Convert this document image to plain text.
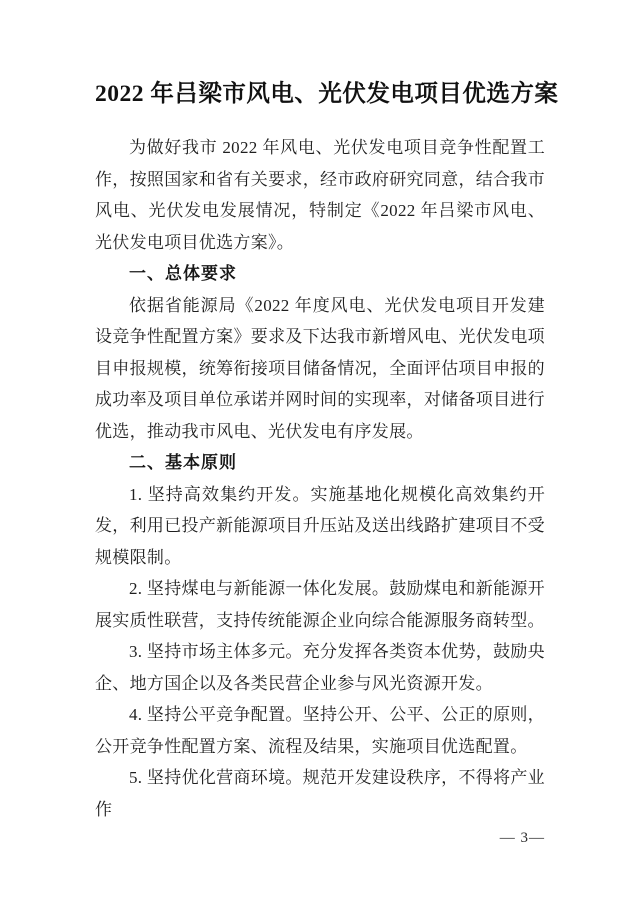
2022 年吕梁市风电、光伏发电项目优选方案

为做好我市 2022 年风电、光伏发电项目竞争性配置工作，按照国家和省有关要求，经市政府研究同意，结合我市风电、光伏发电发展情况，特制定《2022 年吕梁市风电、光伏发电项目优选方案》。

一、总体要求

依据省能源局《2022 年度风电、光伏发电项目开发建设竞争性配置方案》要求及下达我市新增风电、光伏发电项目申报规模，统筹衔接项目储备情况，全面评估项目申报的成功率及项目单位承诺并网时间的实现率，对储备项目进行优选，推动我市风电、光伏发电有序发展。

二、基本原则

1. 坚持高效集约开发。实施基地化规模化高效集约开发，利用已投产新能源项目升压站及送出线路扩建项目不受规模限制。

2. 坚持煤电与新能源一体化发展。鼓励煤电和新能源开展实质性联营，支持传统能源企业向综合能源服务商转型。

3. 坚持市场主体多元。充分发挥各类资本优势，鼓励央企、地方国企以及各类民营企业参与风光资源开发。

4. 坚持公平竞争配置。坚持公开、公平、公正的原则，公开竞争性配置方案、流程及结果，实施项目优选配置。

5. 坚持优化营商环境。规范开发建设秩序，不得将产业作

— 3—
